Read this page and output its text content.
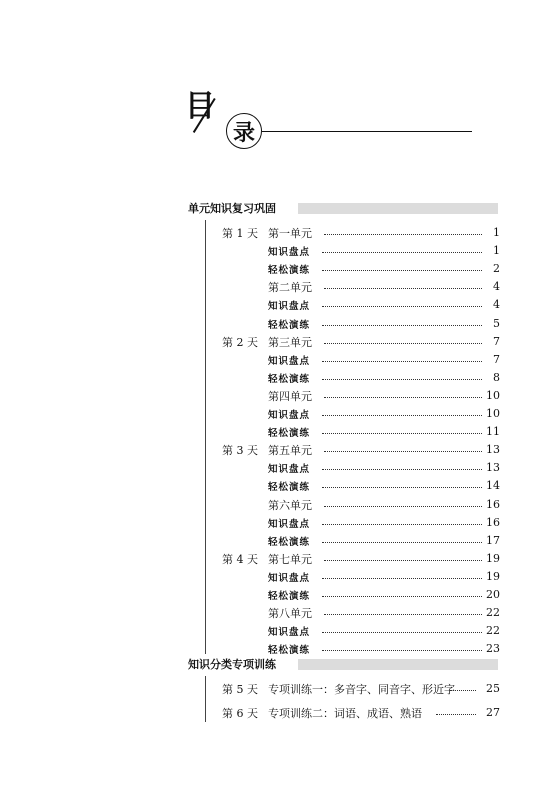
目
录
单元知识复习巩固
第 1 天 第一单元	1
知识盘点	1
轻松演练	2
第二单元	4
知识盘点	4
轻松演练	5
第 2 天 第三单元	7
知识盘点	7
轻松演练	8
第四单元	10
知识盘点	10
轻松演练	11
第 3 天 第五单元	13
知识盘点	13
轻松演练	14
第六单元	16
知识盘点	16
轻松演练	17
第 4 天 第七单元	19
知识盘点	19
轻松演练	20
第八单元	22
知识盘点	22
轻松演练	23
知识分类专项训练
第 5 天 专项训练一：多音字、同音字、形近字	25
第 6 天 专项训练二：词语、成语、熟语	27
